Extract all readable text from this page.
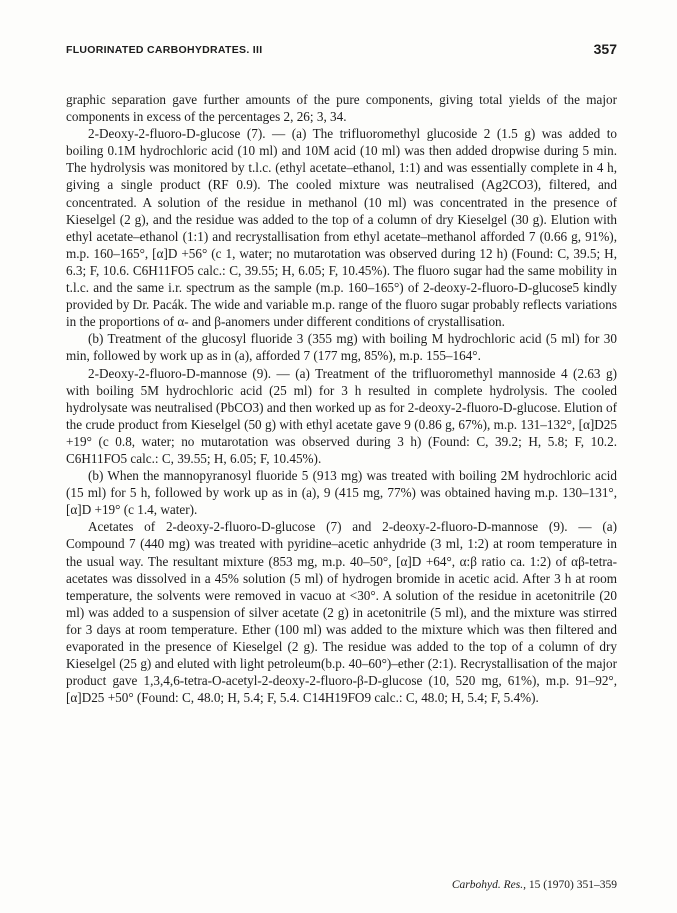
FLUORINATED CARBOHYDRATES. III	357

graphic separation gave further amounts of the pure components, giving total yields of the major components in excess of the percentages 2, 26; 3, 34.

2-Deoxy-2-fluoro-D-glucose (7). — (a) The trifluoromethyl glucoside 2 (1.5 g) was added to boiling 0.1M hydrochloric acid (10 ml) and 10M acid (10 ml) was then added dropwise during 5 min. The hydrolysis was monitored by t.l.c. (ethyl acetate–ethanol, 1:1) and was essentially complete in 4 h, giving a single product (RF 0.9). The cooled mixture was neutralised (Ag2CO3), filtered, and concentrated. A solution of the residue in methanol (10 ml) was concentrated in the presence of Kieselgel (2 g), and the residue was added to the top of a column of dry Kieselgel (30 g). Elution with ethyl acetate–ethanol (1:1) and recrystallisation from ethyl acetate–methanol afforded 7 (0.66 g, 91%), m.p. 160–165°, [α]D +56° (c 1, water; no mutarotation was observed during 12 h) (Found: C, 39.5; H, 6.3; F, 10.6. C6H11FO5 calc.: C, 39.55; H, 6.05; F, 10.45%). The fluoro sugar had the same mobility in t.l.c. and the same i.r. spectrum as the sample (m.p. 160–165°) of 2-deoxy-2-fluoro-D-glucose5 kindly provided by Dr. Pacák. The wide and variable m.p. range of the fluoro sugar probably reflects variations in the proportions of α- and β-anomers under different conditions of crystallisation.

(b) Treatment of the glucosyl fluoride 3 (355 mg) with boiling M hydrochloric acid (5 ml) for 30 min, followed by work up as in (a), afforded 7 (177 mg, 85%), m.p. 155–164°.

2-Deoxy-2-fluoro-D-mannose (9). — (a) Treatment of the trifluoromethyl mannoside 4 (2.63 g) with boiling 5M hydrochloric acid (25 ml) for 3 h resulted in complete hydrolysis. The cooled hydrolysate was neutralised (PbCO3) and then worked up as for 2-deoxy-2-fluoro-D-glucose. Elution of the crude product from Kieselgel (50 g) with ethyl acetate gave 9 (0.86 g, 67%), m.p. 131–132°, [α]D25 +19° (c 0.8, water; no mutarotation was observed during 3 h) (Found: C, 39.2; H, 5.8; F, 10.2. C6H11FO5 calc.: C, 39.55; H, 6.05; F, 10.45%).

(b) When the mannopyranosyl fluoride 5 (913 mg) was treated with boiling 2M hydrochloric acid (15 ml) for 5 h, followed by work up as in (a), 9 (415 mg, 77%) was obtained having m.p. 130–131°, [α]D +19° (c 1.4, water).

Acetates of 2-deoxy-2-fluoro-D-glucose (7) and 2-deoxy-2-fluoro-D-mannose (9). — (a) Compound 7 (440 mg) was treated with pyridine–acetic anhydride (3 ml, 1:2) at room temperature in the usual way. The resultant mixture (853 mg, m.p. 40–50°, [α]D +64°, α:β ratio ca. 1:2) of αβ-tetra-acetates was dissolved in a 45% solution (5 ml) of hydrogen bromide in acetic acid. After 3 h at room temperature, the solvents were removed in vacuo at <30°. A solution of the residue in acetonitrile (20 ml) was added to a suspension of silver acetate (2 g) in acetonitrile (5 ml), and the mixture was stirred for 3 days at room temperature. Ether (100 ml) was added to the mixture which was then filtered and evaporated in the presence of Kieselgel (2 g). The residue was added to the top of a column of dry Kieselgel (25 g) and eluted with light petroleum(b.p. 40–60°)–ether (2:1). Recrystallisation of the major product gave 1,3,4,6-tetra-O-acetyl-2-deoxy-2-fluoro-β-D-glucose (10, 520 mg, 61%), m.p. 91–92°, [α]D25 +50° (Found: C, 48.0; H, 5.4; F, 5.4. C14H19FO9 calc.: C, 48.0; H, 5.4; F, 5.4%).

Carbohyd. Res., 15 (1970) 351–359
